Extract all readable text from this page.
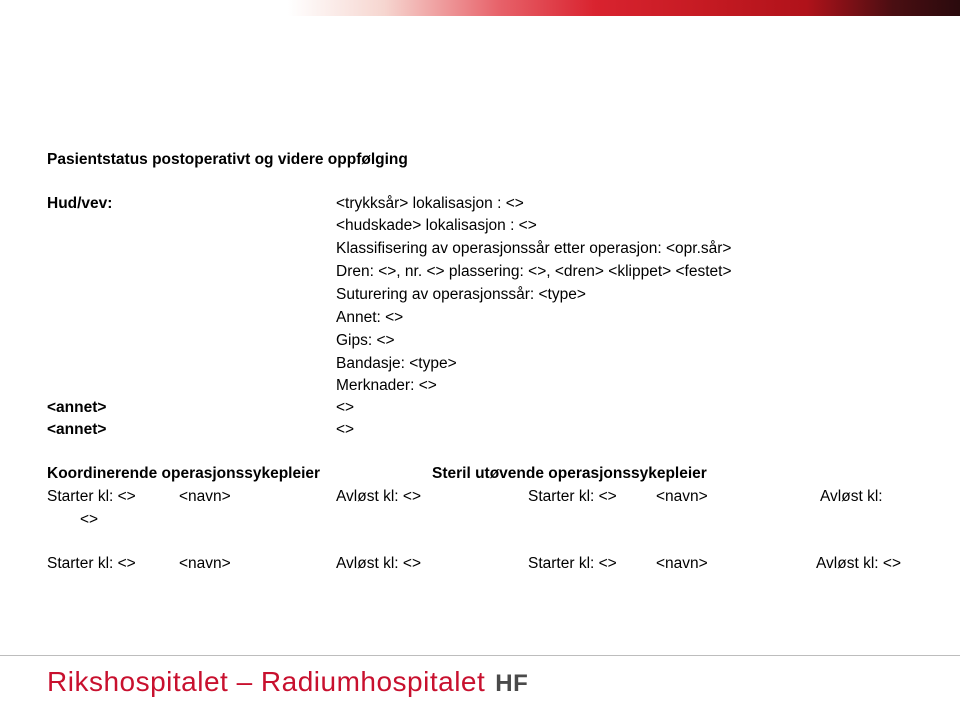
Pasientstatus postoperativt og videre oppfølging
Hud/vev:	<trykksår> lokalisasjon : <>
<hudskade> lokalisasjon : <>
Klassifisering av operasjonssår etter operasjon: <opr.sår>
Dren: <>, nr. <> plassering: <>, <dren> <klippet> <festet>
Suturering av operasjonssår: <type>
Annet: <>
Gips: <>
Bandasje: <type>
Merknader: <>
<annet>	<>
<annet>	<>
Koordinerende operasjonssykepleier	Steril utøvende operasjonssykepleier
Starter kl: <>	<navn>	Avløst kl: <>	Starter kl: <>	<navn>	Avløst kl:
<>
Starter kl: <>	<navn>	Avløst kl: <>	Starter kl: <>	<navn>	Avløst kl: <>
Rikshospitalet – Radiumhospitalet HF
